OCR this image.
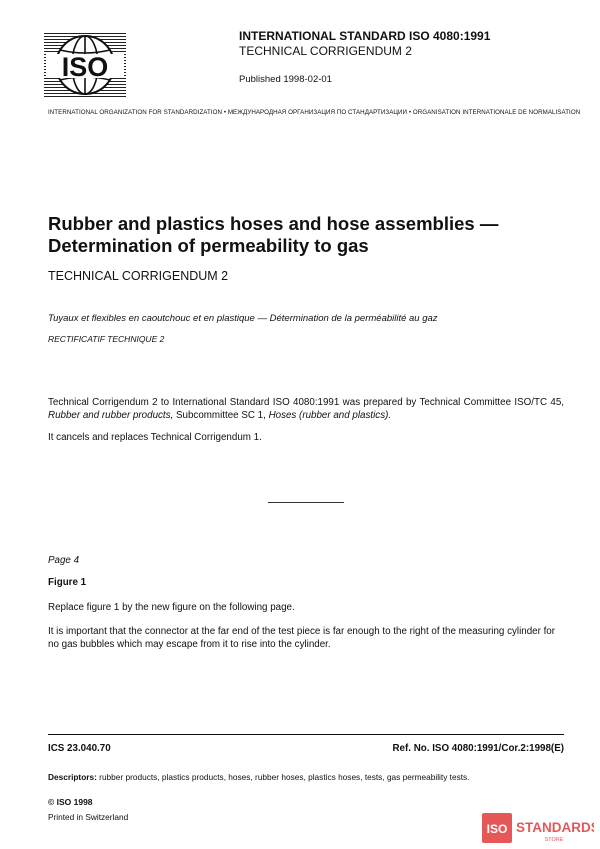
ISO
INTERNATIONAL STANDARD ISO 4080:1991
TECHNICAL CORRIGENDUM 2
Published 1998-02-01
INTERNATIONAL ORGANIZATION FOR STANDARDIZATION • МЕЖДУНАРОДНАЯ ОРГАНИЗАЦИЯ ПО СТАНДАРТИЗАЦИИ • ORGANISATION INTERNATIONALE DE NORMALISATION
Rubber and plastics hoses and hose assemblies —
Determination of permeability to gas
TECHNICAL CORRIGENDUM 2
Tuyaux et flexibles en caoutchouc et en plastique — Détermination de la perméabilité au gaz
RECTIFICATIF TECHNIQUE 2
Technical Corrigendum 2 to International Standard ISO 4080:1991 was prepared by Technical Committee ISO/TC 45, Rubber and rubber products, Subcommittee SC 1, Hoses (rubber and plastics).
It cancels and replaces Technical Corrigendum 1.
Page 4
Figure 1
Replace figure 1 by the new figure on the following page.
It is important that the connector at the far end of the test piece is far enough to the right of the measuring cylinder for no gas bubbles which may escape from it to rise into the cylinder.
ICS 23.040.70	Ref. No. ISO 4080:1991/Cor.2:1998(E)
Descriptors: rubber products, plastics products, hoses, rubber hoses, plastics hoses, tests, gas permeability tests.
© ISO 1998
Printed in Switzerland
ISO STANDARDS
STORE
